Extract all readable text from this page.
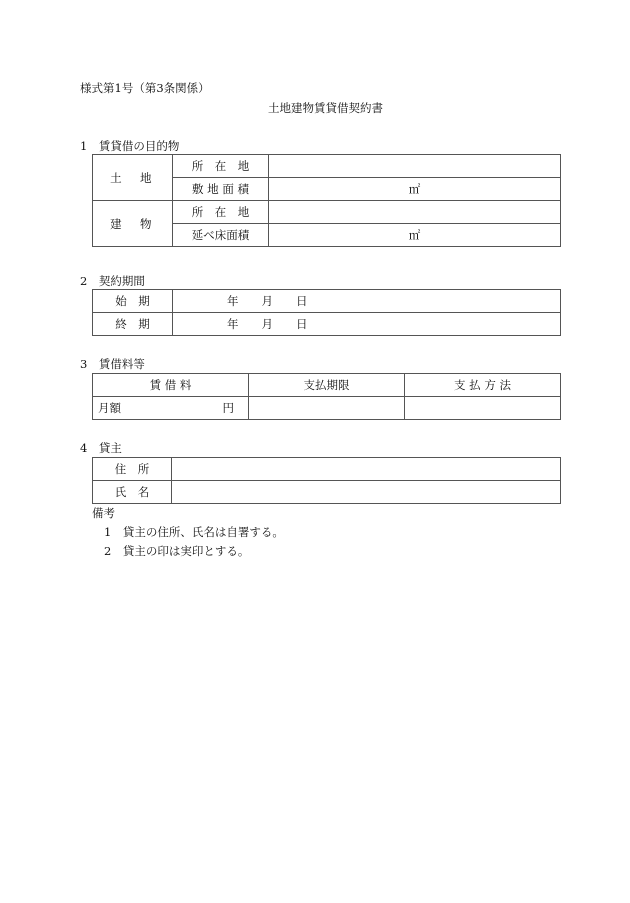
様式第1号（第3条関係）
土地建物賃貸借契約書
1　賃貸借の目的物
土　地	所　在　地	
	敷 地 面 積	㎡
建　物	所　在　地	
	延べ床面積	㎡
2　契約期間
始　期	年　　月　　日
終　期	年　　月　　日
3　賃借料等
賃 借 料	支払期限	支 払 方 法
月額 円		

4　貸主
住　所	
氏　名	
備考
1　貸主の住所、氏名は自署する。
2　貸主の印は実印とする。
